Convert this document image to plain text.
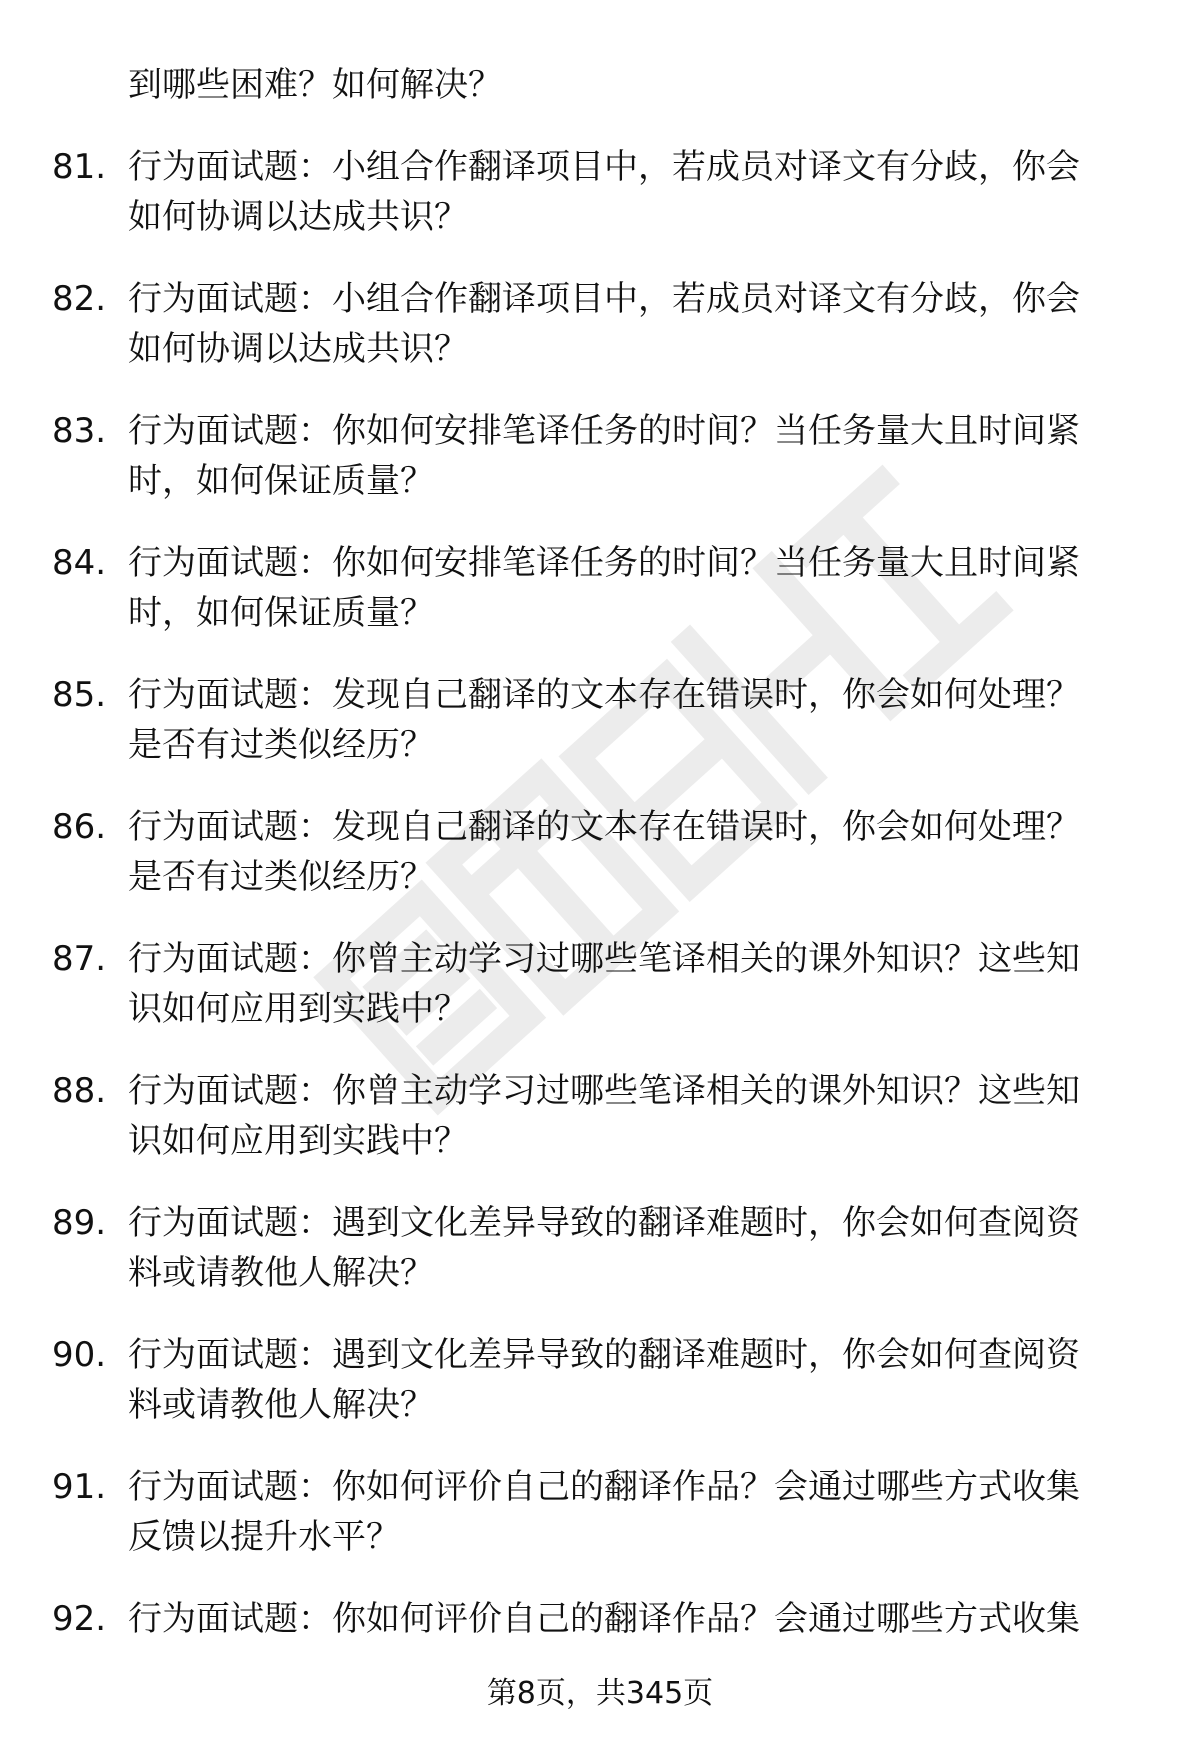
到哪些困难？如何解决？
81. 行为面试题：小组合作翻译项目中，若成员对译文有分歧，你会
如何协调以达成共识？
82. 行为面试题：小组合作翻译项目中，若成员对译文有分歧，你会
如何协调以达成共识？
83. 行为面试题：你如何安排笔译任务的时间？当任务量大且时间紧
时，如何保证质量？
84. 行为面试题：你如何安排笔译任务的时间？当任务量大且时间紧
时，如何保证质量？
85. 行为面试题：发现自己翻译的文本存在错误时，你会如何处理？
是否有过类似经历？
86. 行为面试题：发现自己翻译的文本存在错误时，你会如何处理？
是否有过类似经历？
87. 行为面试题：你曾主动学习过哪些笔译相关的课外知识？这些知
识如何应用到实践中？
88. 行为面试题：你曾主动学习过哪些笔译相关的课外知识？这些知
识如何应用到实践中？
89. 行为面试题：遇到文化差异导致的翻译难题时，你会如何查阅资
料或请教他人解决？
90. 行为面试题：遇到文化差异导致的翻译难题时，你会如何查阅资
料或请教他人解决？
91. 行为面试题：你如何评价自己的翻译作品？会通过哪些方式收集
反馈以提升水平？
92. 行为面试题：你如何评价自己的翻译作品？会通过哪些方式收集
第8页，共345页
